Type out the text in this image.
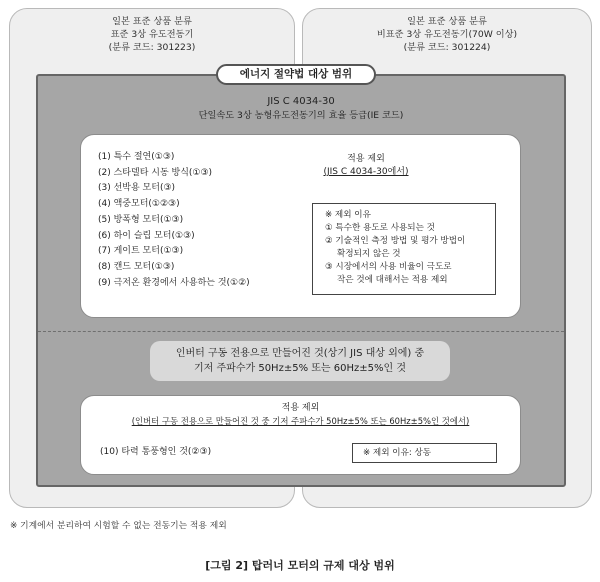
일본 표준 상품 분류
표준 3상 유도전동기
(분류 코드: 301223)
일본 표준 상품 분류
비표준 3상 유도전동기(70W 이상)
(분류 코드: 301224)
에너지 절약법 대상 범위
JIS C 4034-30
단일속도 3상 농형유도전동기의 효율 등급(IE 코드)
(1) 특수 절연(①③)
(2) 스타델타 시동 방식(①③)
(3) 선박용 모터(③)
(4) 액중모터(①②③)
(5) 방폭형 모터(①③)
(6) 하이 슬립 모터(①③)
(7) 게이트 모터(①③)
(8) 캔드 모터(①③)
(9) 극저온 환경에서 사용하는 것(①②)
적용 제외
(JIS C 4034-30에서)
※ 제외 이유
① 특수한 용도로 사용되는 것
② 기술적인 측정 방법 및 평가 방법이
확정되지 않은 것
③ 시장에서의 사용 비율이 극도로
작은 것에 대해서는 적용 제외
인버터 구동 전용으로 만들어진 것(상기 JIS 대상 외에) 중
기저 주파수가 50Hz±5% 또는 60Hz±5%인 것
적용 제외
(인버터 구동 전용으로 만들어진 것 중 기저 주파수가 50Hz±5% 또는 60Hz±5%인 것에서)
(10) 타력 통풍형인 것(②③)	※ 제외 이유: 상동
※ 기계에서 분리하여 시험할 수 없는 전동기는 적용 제외
[그림 2] 탑러너 모터의 규제 대상 범위
